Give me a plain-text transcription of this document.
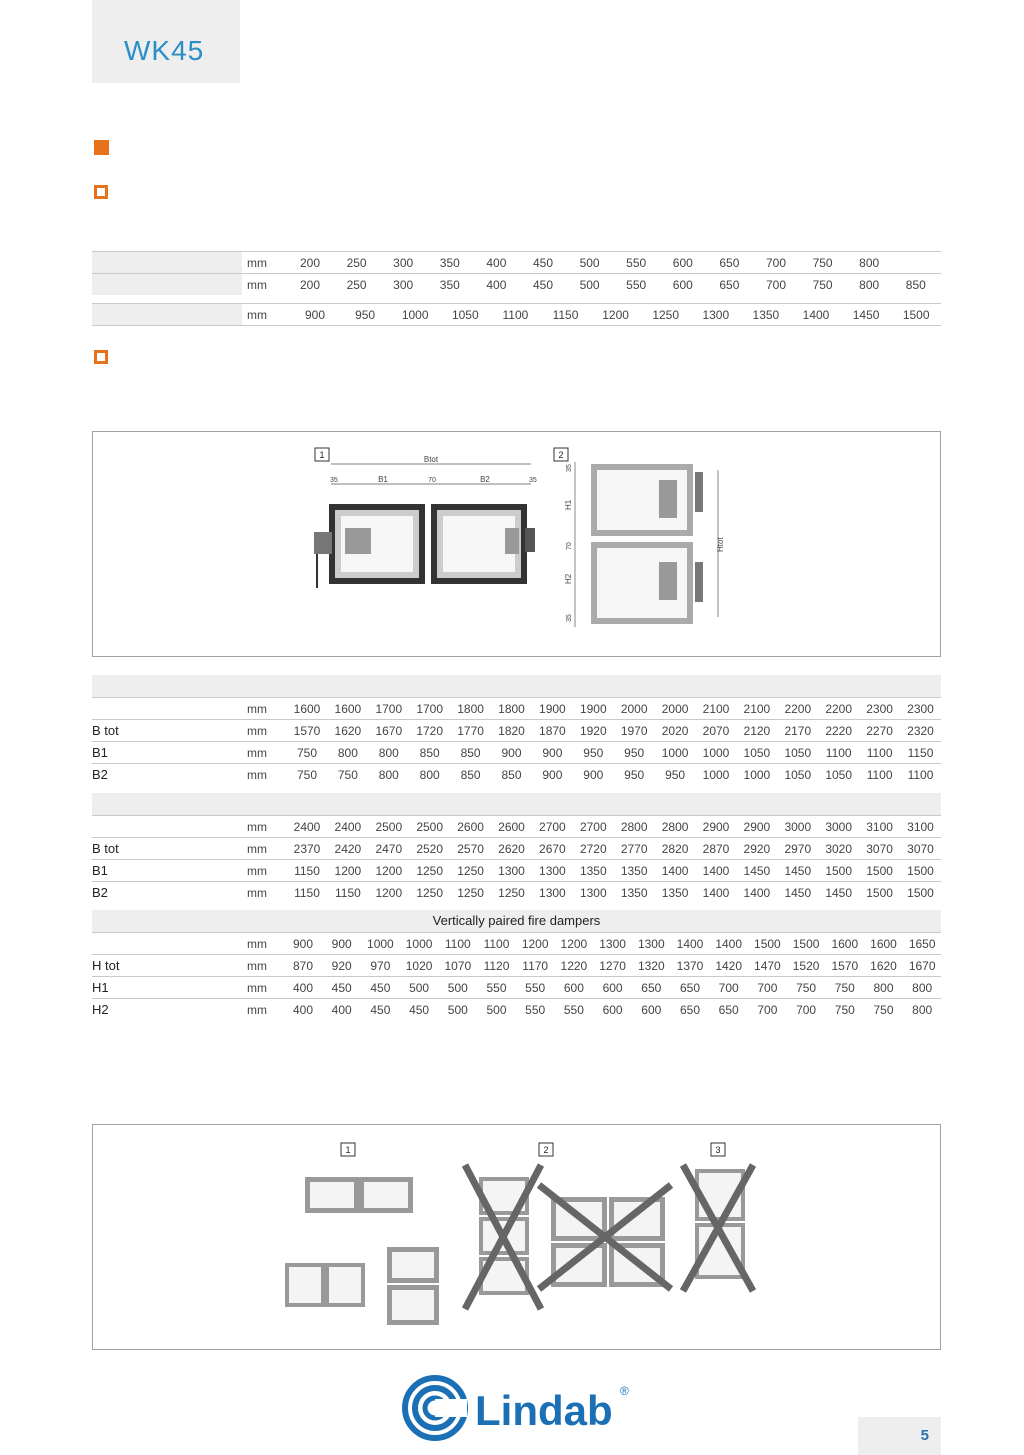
WK45
mm	200 250 300 350 400 450 500 550 600 650 700 750 800
mm	200 250 300 350 400 450 500 550 600 650 700 750 800 850
mm	900	950 1000 1050 1100 1150 1200 1250 1300 1350 1400 1450 1500
1	2
Btot
35	B1	70	B2	35
35
H1
70
H2
35
Htot
mm 1600 1600 1700 1700 1800 1800 1900 1900 2000 2000 2100 2100 2200 2200 2300 2300
B tot	mm 1570 1620 1670 1720 1770 1820 1870 1920 1970 2020 2070 2120 2170 2220 2270 2320
B1	mm 750 800 800 850 850 900 900 950 950 1000 1000 1050 1050 1100 1100 1150
B2	mm 750 750 800 800 850 850 900 900 950 950 1000 1000 1050 1050 1100 1100
mm 2400 2400 2500 2500 2600 2600 2700 2700 2800 2800 2900 2900 3000 3000 3100 3100
B tot	mm 2370 2420 2470 2520 2570 2620 2670 2720 2770 2820 2870 2920 2970 3020 3070 3070
B1	mm 1150 1200 1200 1250 1250 1300 1300 1350 1350 1400 1400 1450 1450 1500 1500 1500
B2	mm 1150 1150 1200 1250 1250 1250 1300 1300 1350 1350 1400 1400 1450 1450 1500 1500
Vertically paired fire dampers
mm 900 900 1000 1000 1100 1100 1200 1200 1300 1300 1400 1400 1500 1500 1600 1600 1650
H tot	mm 870 920 970 1020 1070 1120 1170 1220 1270 1320 1370 1420 1470 1520 1570 1620 1670
H1	mm 400 450 450 500 500 550 550 600 600 650 650 700 700 750 750 800 800
H2	mm 400 400 450 450 500 500 550 550 600 600 650 650 700 700 750 750 800
1	2	3
Lindab ®
5
